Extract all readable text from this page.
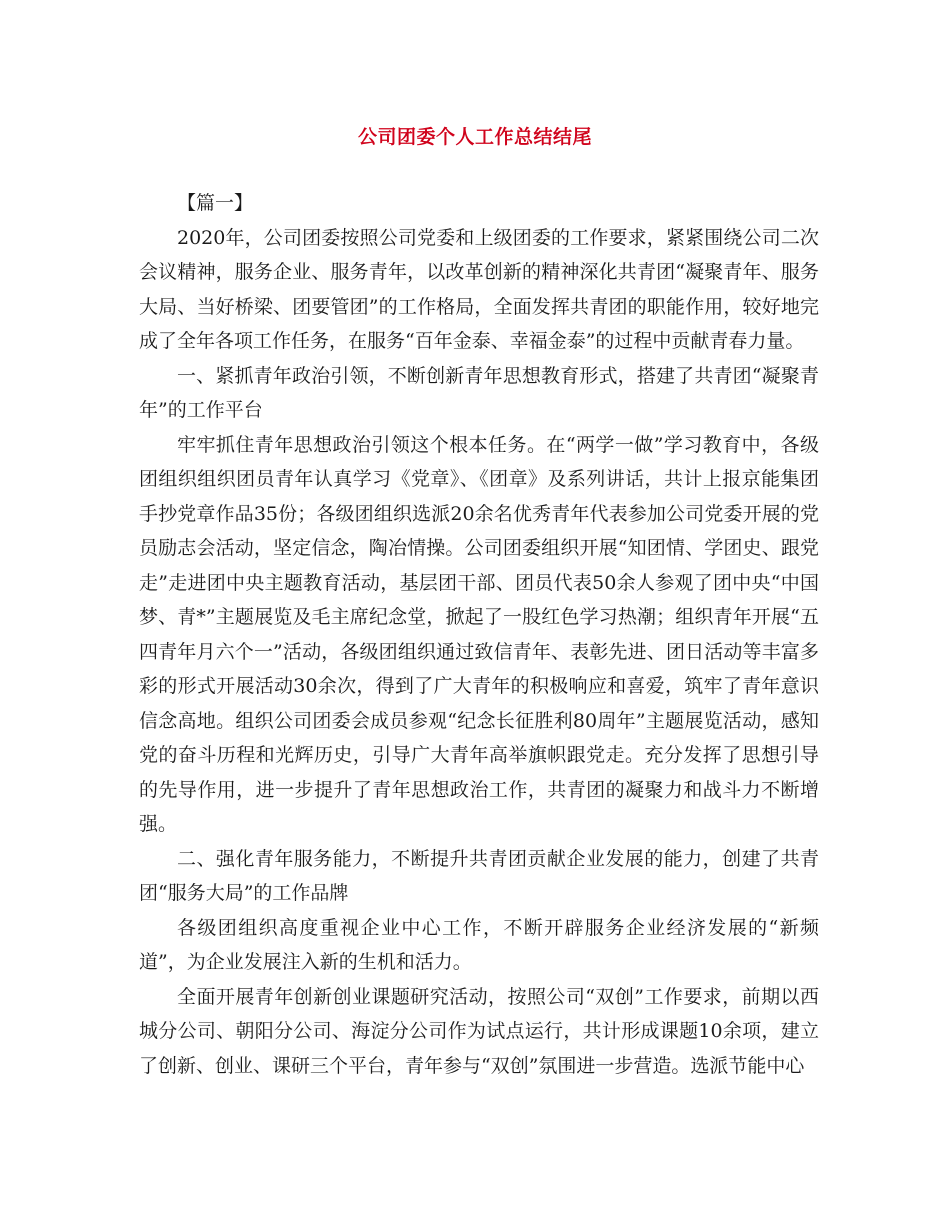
公司团委个人工作总结结尾

【篇一】

2020年，公司团委按照公司党委和上级团委的工作要求，紧紧围绕公司二次会议精神，服务企业、服务青年，以改革创新的精神深化共青团“凝聚青年、服务大局、当好桥梁、团要管团”的工作格局，全面发挥共青团的职能作用，较好地完成了全年各项工作任务，在服务“百年金泰、幸福金泰”的过程中贡献青春力量。

一、紧抓青年政治引领，不断创新青年思想教育形式，搭建了共青团“凝聚青年”的工作平台

牢牢抓住青年思想政治引领这个根本任务。在“两学一做”学习教育中，各级团组织组织团员青年认真学习《党章》、《团章》及系列讲话，共计上报京能集团手抄党章作品35份；各级团组织选派20余名优秀青年代表参加公司党委开展的党员励志会活动，坚定信念，陶冶情操。公司团委组织开展“知团情、学团史、跟党走”走进团中央主题教育活动，基层团干部、团员代表50余人参观了团中央“中国梦、青*”主题展览及毛主席纪念堂，掀起了一股红色学习热潮；组织青年开展“五四青年月六个一”活动，各级团组织通过致信青年、表彰先进、团日活动等丰富多彩的形式开展活动30余次，得到了广大青年的积极响应和喜爱，筑牢了青年意识信念高地。组织公司团委会成员参观“纪念长征胜利80周年”主题展览活动，感知党的奋斗历程和光辉历史，引导广大青年高举旗帜跟党走。充分发挥了思想引导的先导作用，进一步提升了青年思想政治工作，共青团的凝聚力和战斗力不断增强。

二、强化青年服务能力，不断提升共青团贡献企业发展的能力，创建了共青团“服务大局”的工作品牌

各级团组织高度重视企业中心工作，不断开辟服务企业经济发展的“新频道”，为企业发展注入新的生机和活力。

全面开展青年创新创业课题研究活动，按照公司“双创”工作要求，前期以西城分公司、朝阳分公司、海淀分公司作为试点运行，共计形成课题10余项，建立了创新、创业、课研三个平台，青年参与“双创”氛围进一步营造。选派节能中心
